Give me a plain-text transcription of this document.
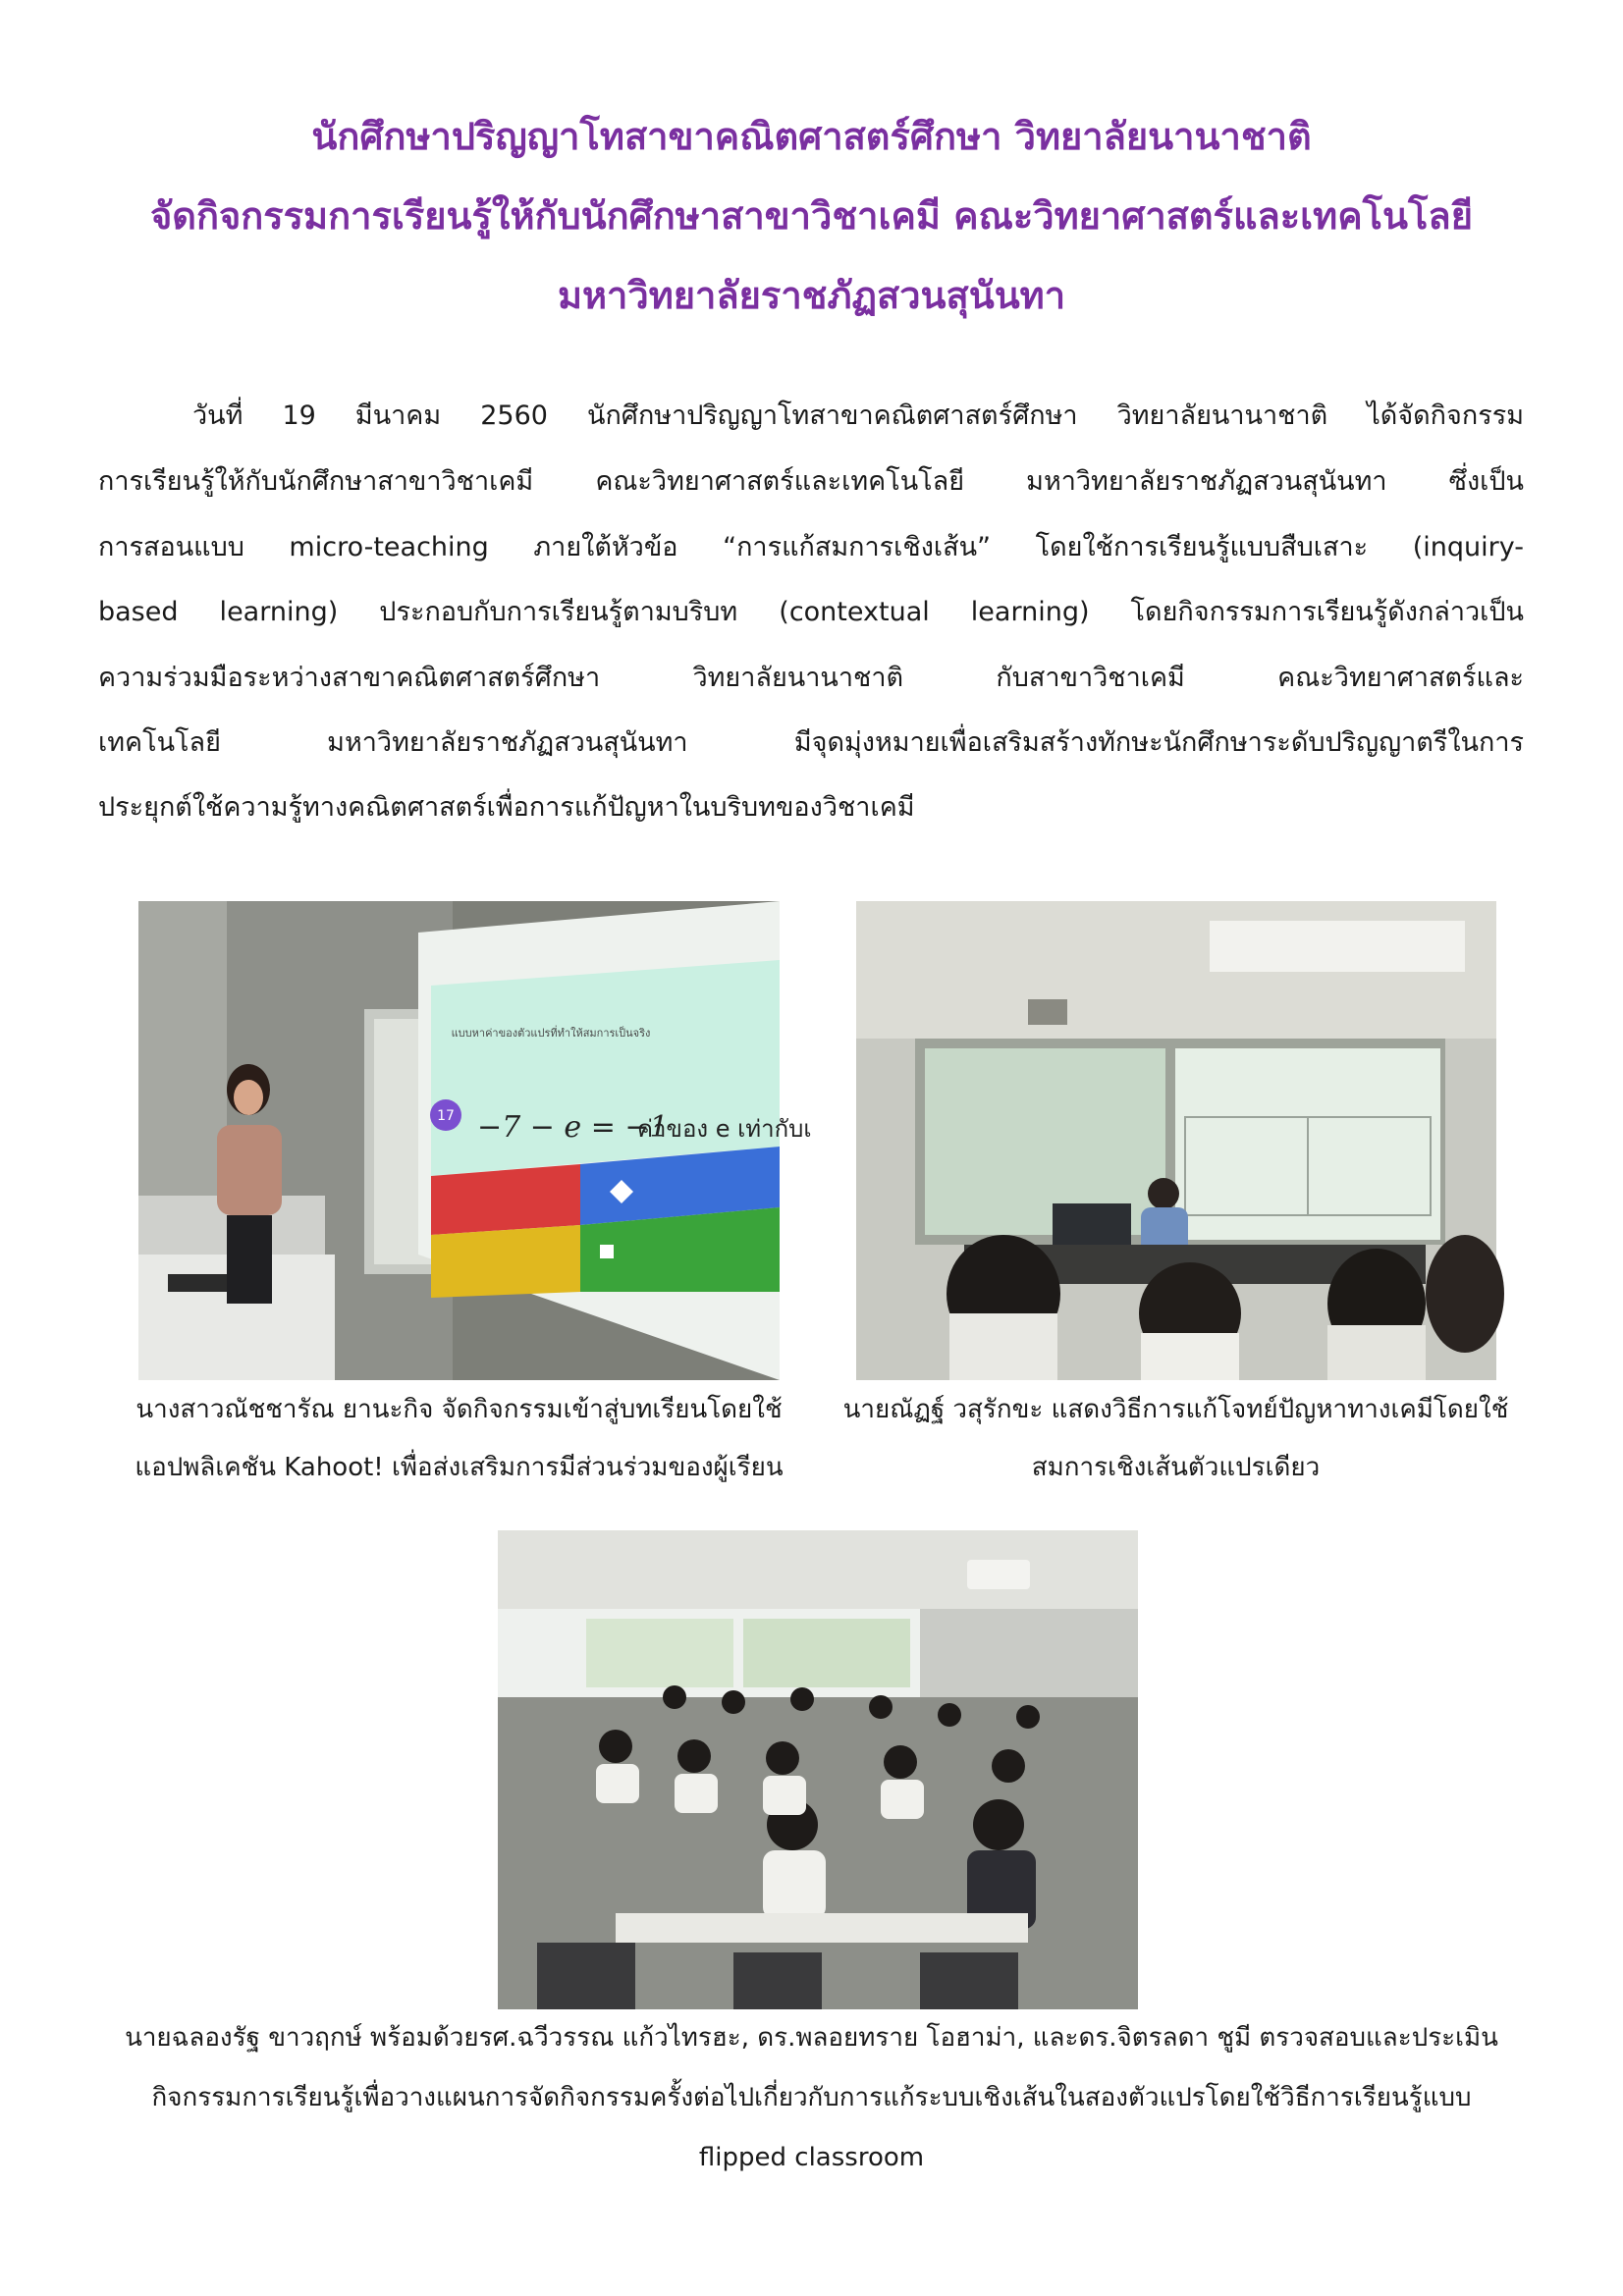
นักศึกษาปริญญาโทสาขาคณิตศาสตร์ศึกษา วิทยาลัยนานาชาติ
จัดกิจกรรมการเรียนรู้ให้กับนักศึกษาสาขาวิชาเคมี คณะวิทยาศาสตร์และเทคโนโลยี
มหาวิทยาลัยราชภัฏสวนสุนันทา
วันที่ 19 มีนาคม 2560 นักศึกษาปริญญาโทสาขาคณิตศาสตร์ศึกษา วิทยาลัยนานาชาติ ได้จัดกิจกรรม
การเรียนรู้ให้กับนักศึกษาสาขาวิชาเคมี คณะวิทยาศาสตร์และเทคโนโลยี มหาวิทยาลัยราชภัฏสวนสุนันทา ซึ่งเป็น
การสอนแบบ micro-teaching ภายใต้หัวข้อ “การแก้สมการเชิงเส้น” โดยใช้การเรียนรู้แบบสืบเสาะ (inquiry-
based learning) ประกอบกับการเรียนรู้ตามบริบท (contextual learning) โดยกิจกรรมการเรียนรู้ดังกล่าวเป็น
ความร่วมมือระหว่างสาขาคณิตศาสตร์ศึกษา วิทยาลัยนานาชาติ กับสาขาวิชาเคมี คณะวิทยาศาสตร์และ
เทคโนโลยี มหาวิทยาลัยราชภัฏสวนสุนันทา มีจุดมุ่งหมายเพื่อเสริมสร้างทักษะนักศึกษาระดับปริญญาตรีในการ
ประยุกต์ใช้ความรู้ทางคณิตศาสตร์เพื่อการแก้ปัญหาในบริบทของวิชาเคมี
17
แบบหาค่าของตัวแปรที่ทำให้สมการเป็นจริง
−7 − e = −1
ค่าของ e เท่ากับเ
นางสาวณัชชารัณ ยานะกิจ จัดกิจกรรมเข้าสู่บทเรียนโดยใช้
แอปพลิเคชัน Kahoot! เพื่อส่งเสริมการมีส่วนร่วมของผู้เรียน
นายณัฏฐ์ วสุรักขะ แสดงวิธีการแก้โจทย์ปัญหาทางเคมีโดยใช้
สมการเชิงเส้นตัวแปรเดียว
นายฉลองรัฐ ขาวฤกษ์ พร้อมด้วยรศ.ฉวีวรรณ แก้วไทรฮะ, ดร.พลอยทราย โอฮาม่า, และดร.จิตรลดา ชูมี ตรวจสอบและประเมิน
กิจกรรมการเรียนรู้เพื่อวางแผนการจัดกิจกรรมครั้งต่อไปเกี่ยวกับการแก้ระบบเชิงเส้นในสองตัวแปรโดยใช้วิธีการเรียนรู้แบบ
flipped classroom
